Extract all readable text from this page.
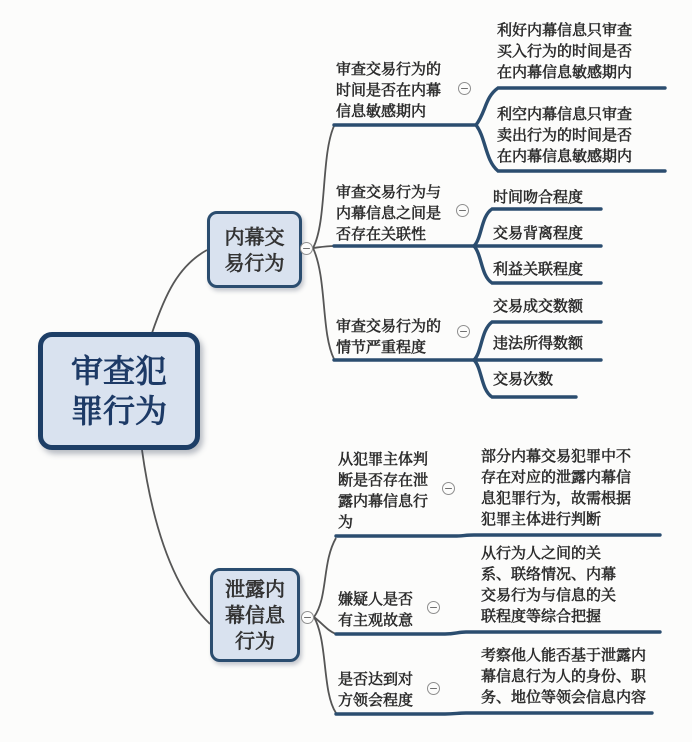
审查犯罪行为
内幕交易行为
泄露内幕信息行为
审查交易行为的时间是否在内幕信息敏感期内
审查交易行为与内幕信息之间是否存在关联性
审查交易行为的情节严重程度
从犯罪主体判断是否存在泄露内幕信息行为
嫌疑人是否有主观故意
是否达到对方领会程度
利好内幕信息只审查买入行为的时间是否在内幕信息敏感期内
利空内幕信息只审查卖出行为的时间是否在内幕信息敏感期内
时间吻合程度
交易背离程度
利益关联程度
交易成交数额
违法所得数额
交易次数
部分内幕交易犯罪中不存在对应的泄露内幕信息犯罪行为，故需根据犯罪主体进行判断
从行为人之间的关系、联络情况、内幕交易行为与信息的关联程度等综合把握
考察他人能否基于泄露内幕信息行为人的身份、职务、地位等领会信息内容
